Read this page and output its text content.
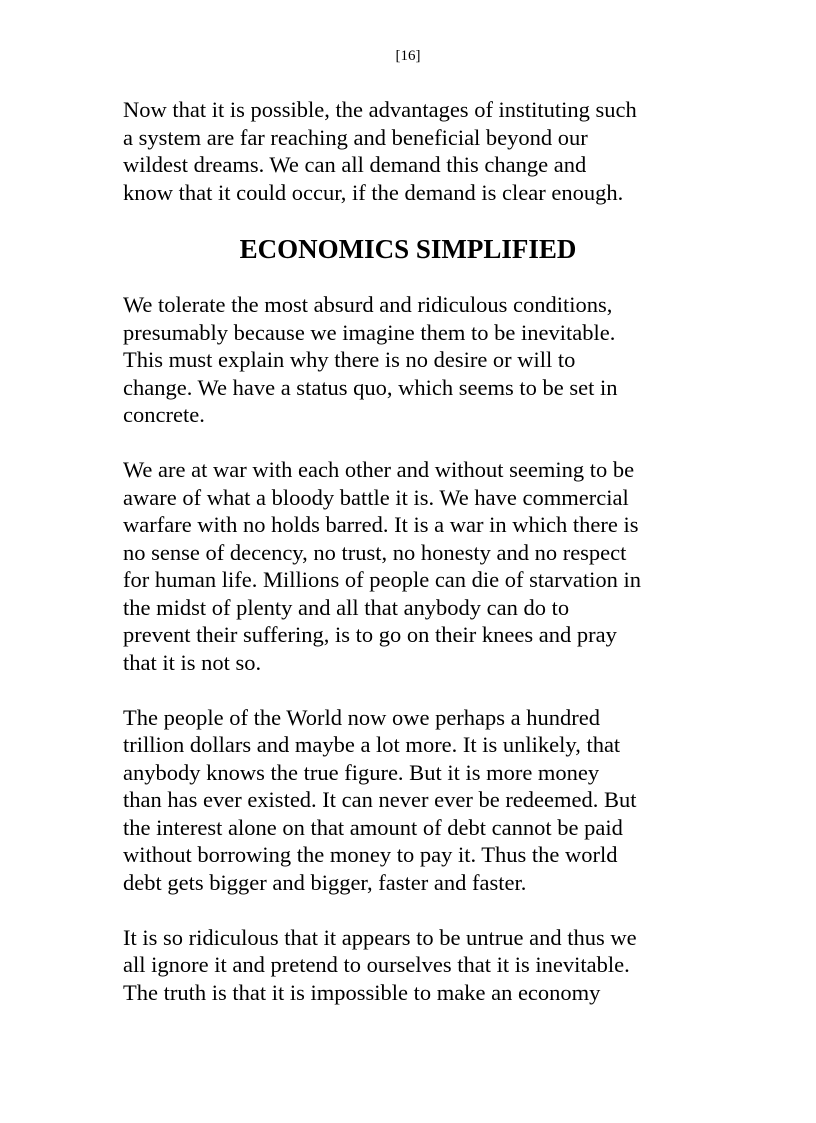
[16]
Now that it is possible, the advantages of instituting such
a system are far reaching and beneficial beyond our
wildest dreams. We can all demand this change and
know that it could occur, if the demand is clear enough.
ECONOMICS SIMPLIFIED
We tolerate the most absurd and ridiculous conditions,
presumably because we imagine them to be inevitable.
This must explain why there is no desire or will to
change. We have a status quo, which seems to be set in
concrete.
We are at war with each other and without seeming to be
aware of what a bloody battle it is. We have commercial
warfare with no holds barred. It is a war in which there is
no sense of decency, no trust, no honesty and no respect
for human life. Millions of people can die of starvation in
the midst of plenty and all that anybody can do to
prevent their suffering, is to go on their knees and pray
that it is not so.
The people of the World now owe perhaps a hundred
trillion dollars and maybe a lot more. It is unlikely, that
anybody knows the true figure. But it is more money
than has ever existed. It can never ever be redeemed. But
the interest alone on that amount of debt cannot be paid
without borrowing the money to pay it. Thus the world
debt gets bigger and bigger, faster and faster.
It is so ridiculous that it appears to be untrue and thus we
all ignore it and pretend to ourselves that it is inevitable.
The truth is that it is impossible to make an economy
